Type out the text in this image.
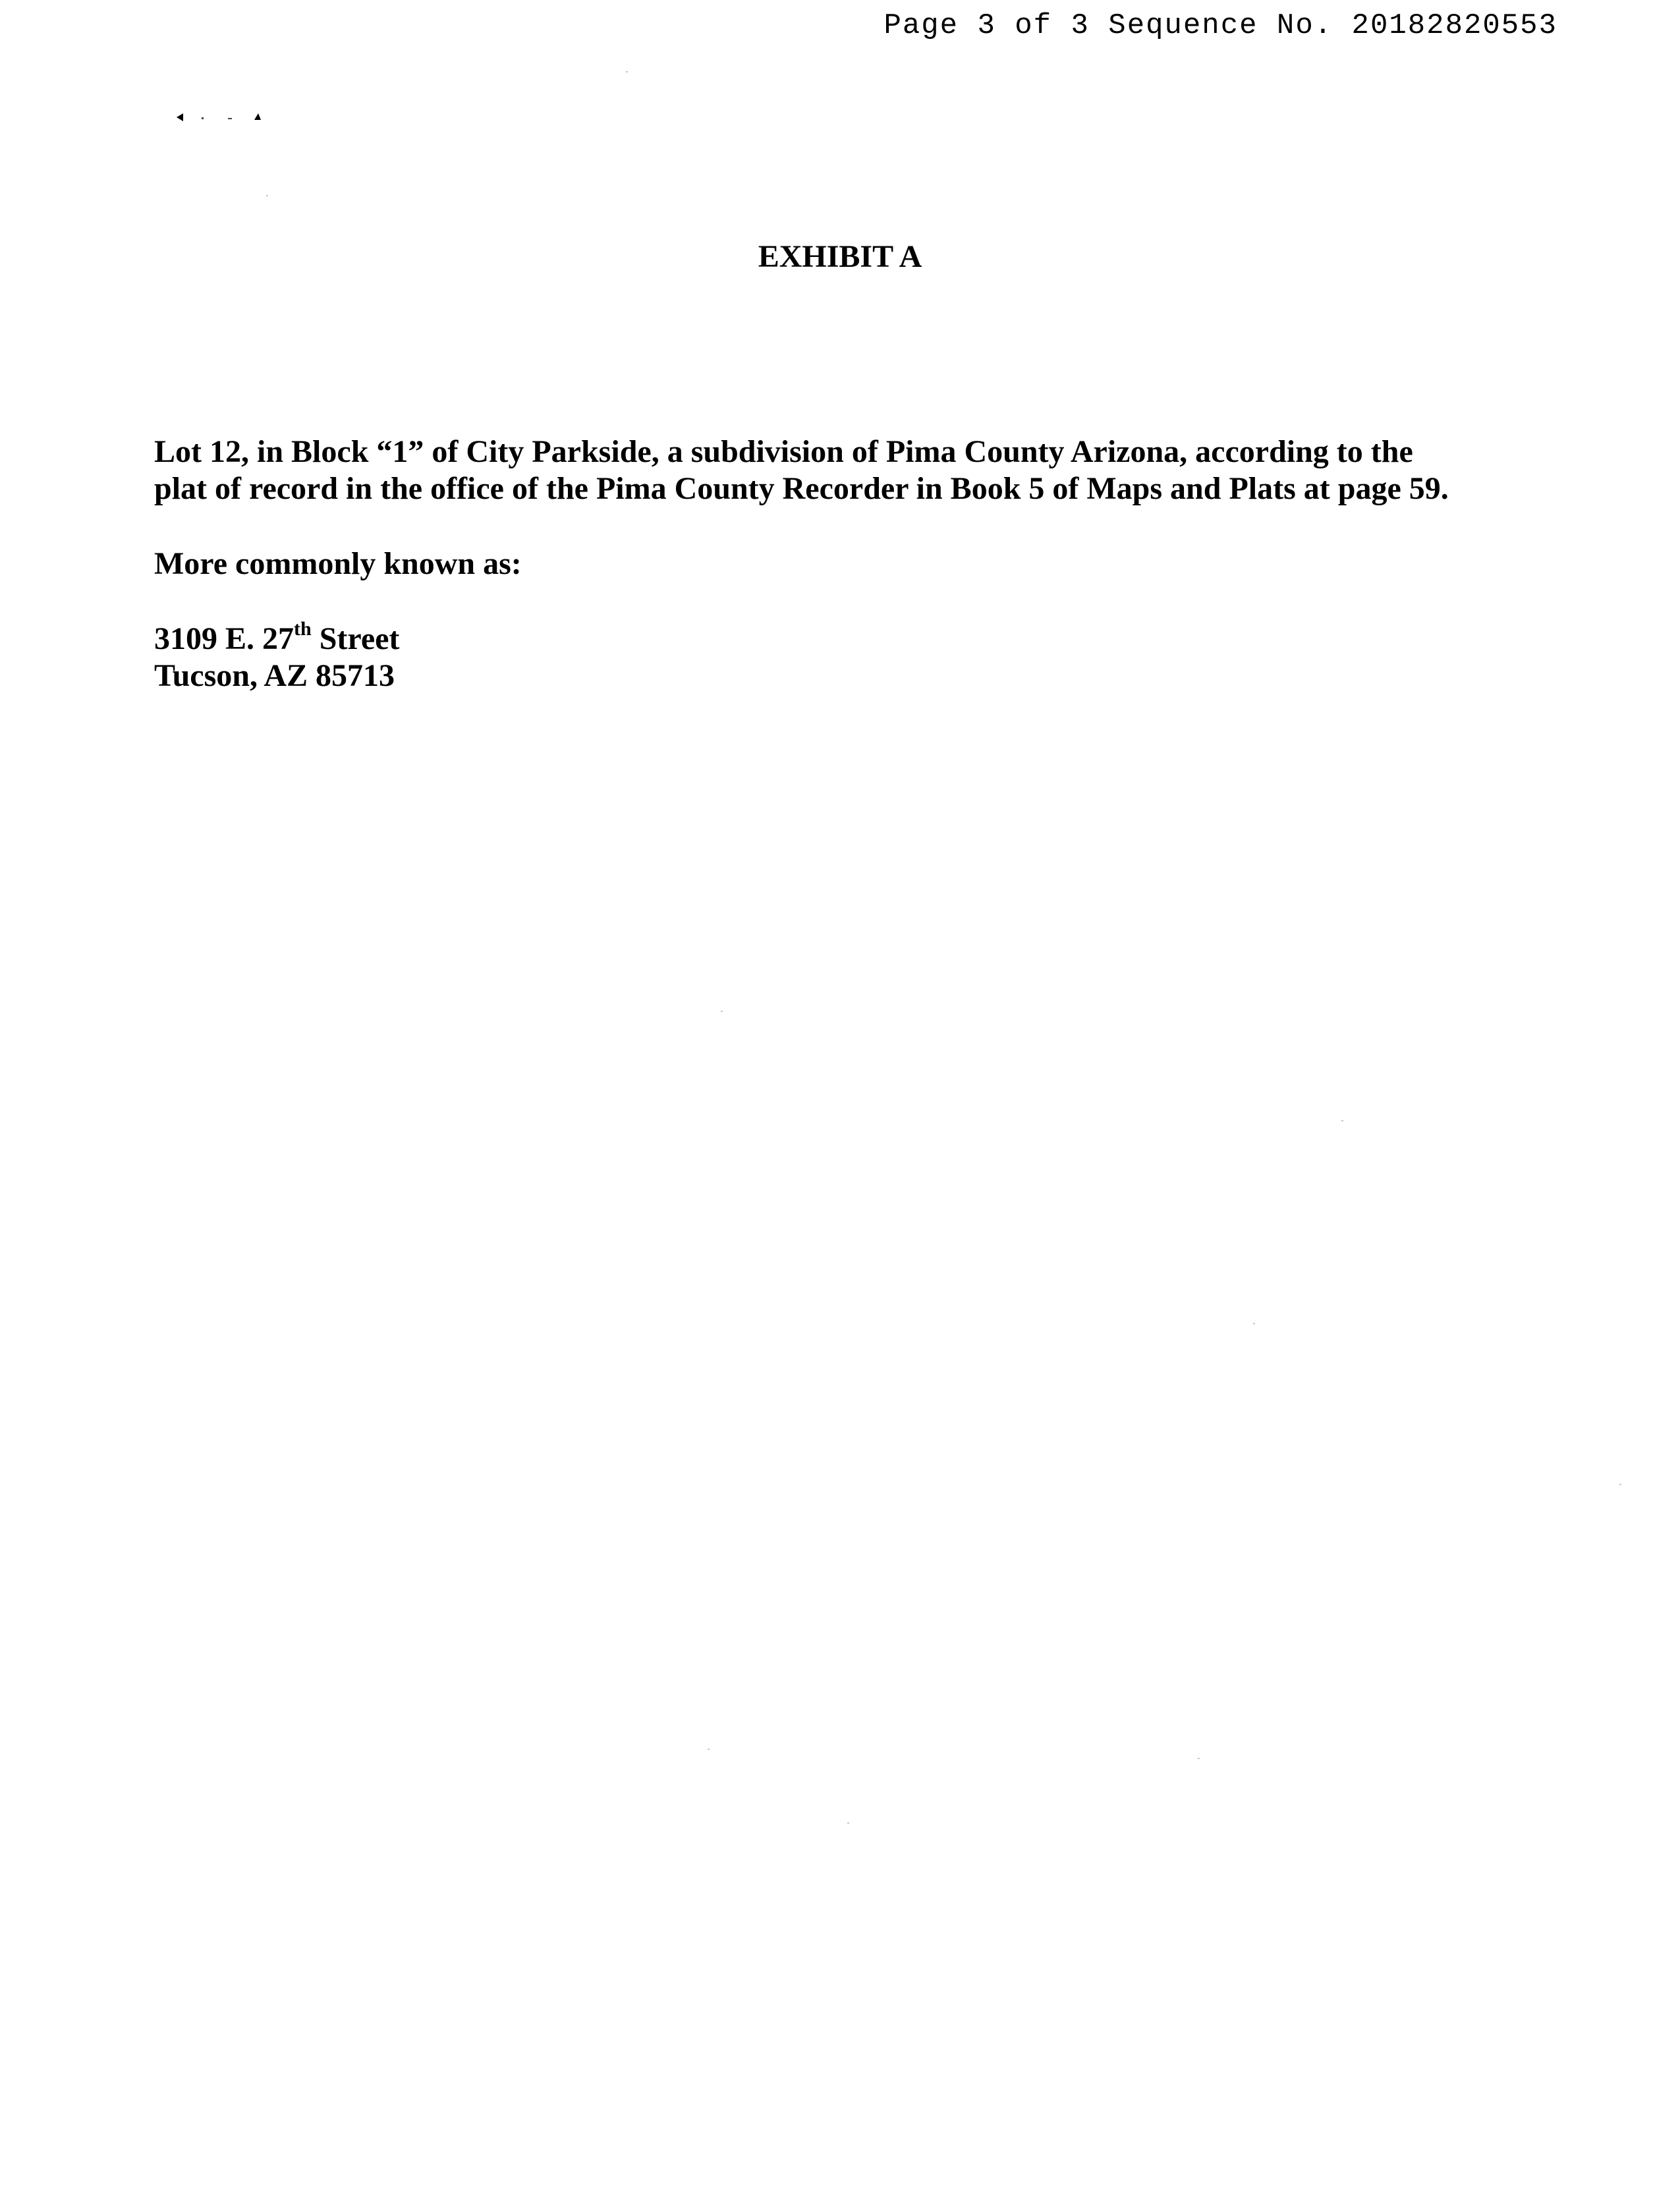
Page 3 of 3 Sequence No. 20182820553
EXHIBIT A

Lot 12, in Block “1” of City Parkside, a subdivision of Pima County Arizona, according to the
plat of record in the office of the Pima County Recorder in Book 5 of Maps and Plats at page 59.

More commonly known as:

3109 E. 27th Street
Tucson, AZ 85713
